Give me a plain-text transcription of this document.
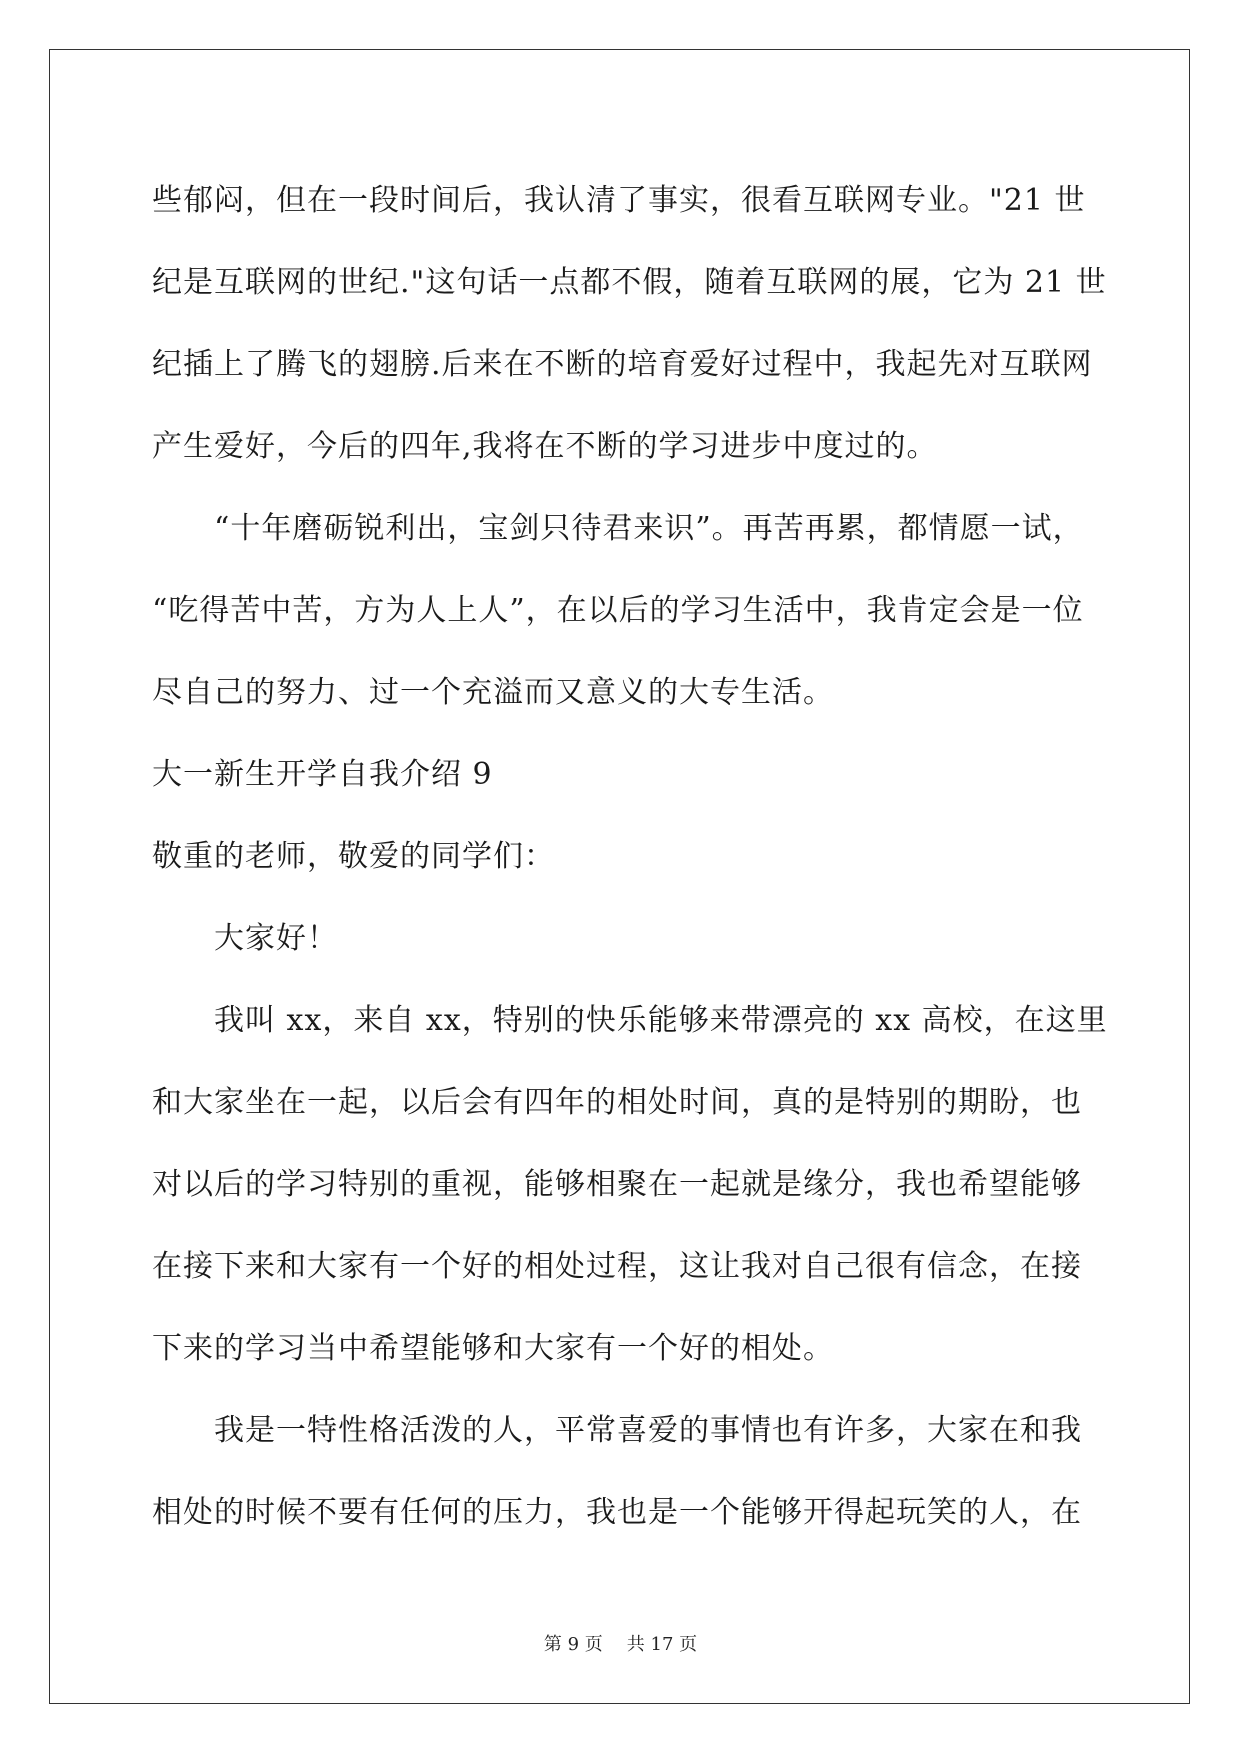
些郁闷，但在一段时间后，我认清了事实，很看互联网专业。"21 世
纪是互联网的世纪."这句话一点都不假，随着互联网的展，它为 21 世
纪插上了腾飞的翅膀.后来在不断的培育爱好过程中，我起先对互联网
产生爱好，今后的四年,我将在不断的学习进步中度过的。
“十年磨砺锐利出，宝剑只待君来识”。再苦再累，都情愿一试，
“吃得苦中苦，方为人上人”，在以后的学习生活中，我肯定会是一位
尽自己的努力、过一个充溢而又意义的大专生活。
大一新生开学自我介绍 9
敬重的老师，敬爱的同学们：
大家好！
我叫 xx，来自 xx，特别的快乐能够来带漂亮的 xx 高校，在这里
和大家坐在一起，以后会有四年的相处时间，真的是特别的期盼，也
对以后的学习特别的重视，能够相聚在一起就是缘分，我也希望能够
在接下来和大家有一个好的相处过程，这让我对自己很有信念，在接
下来的学习当中希望能够和大家有一个好的相处。
我是一特性格活泼的人，平常喜爱的事情也有许多，大家在和我
相处的时候不要有任何的压力，我也是一个能够开得起玩笑的人，在
第 9 页 共 17 页
